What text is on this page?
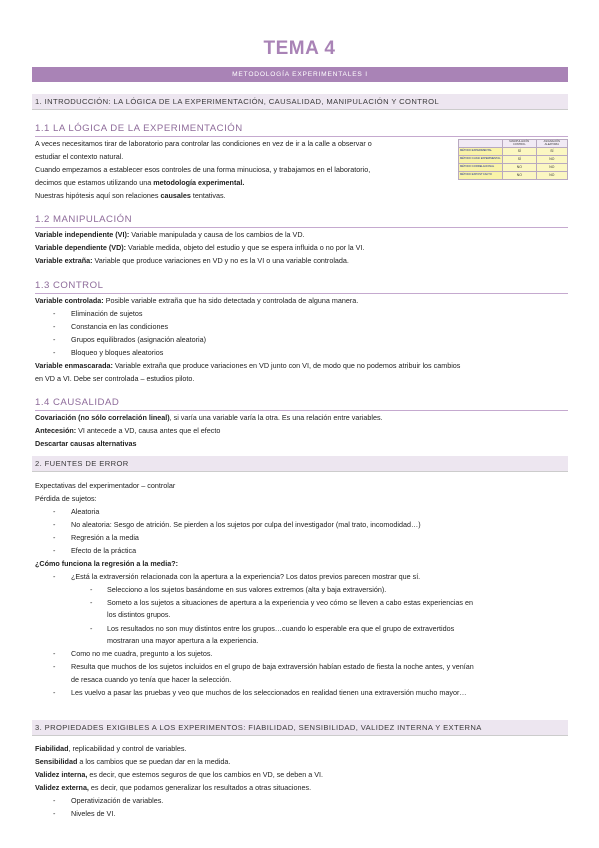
TEMA 4
METODOLOGÍA EXPERIMENTALES I
1. INTRODUCCIÓN: LA LÓGICA DE LA EXPERIMENTACIÓN, CAUSALIDAD, MANIPULACIÓN Y CONTROL
1.1 LA LÓGICA DE LA EXPERIMENTACIÓN

A veces necesitamos tirar de laboratorio para controlar las condiciones en vez de ir a la calle a observar o

estudiar el contexto natural.

Cuando empezamos a establecer esos controles de una forma minuciosa, y trabajamos en el laboratorio,

decimos que estamos utilizando una metodología experimental.

Nuestras hipótesis aquí son relaciones causales tentativas.

	MANIPULACIÓN CONTROL	ASIGNACIÓN ALEATORIA
MÉTODO EXPERIMENTAL	SÍ	SÍ
MÉTODO CUASI EXPERIMENTAL	SÍ	NO
MÉTODO CORRELACIONAL	NO	NO
MÉTODO EXPOST FACTO	NO	NO
1.2 MANIPULACIÓN

Variable independiente (VI): Variable manipulada y causa de los cambios de la VD.

Variable dependiente (VD): Variable medida, objeto del estudio y que se espera influida o no por la VI.

Variable extraña: Variable que produce variaciones en VD y no es la VI o una variable controlada.

1.3 CONTROL

Variable controlada: Posible variable extraña que ha sido detectada y controlada de alguna manera.

- Eliminación de sujetos

- Constancia en las condiciones

- Grupos equilibrados (asignación aleatoria)

- Bloqueo y bloques aleatorios

Variable enmascarada: Variable extraña que produce variaciones en VD junto con VI, de modo que no podemos atribuir los cambios

en VD a VI. Debe ser controlada – estudios piloto.

1.4 CAUSALIDAD

Covariación (no sólo correlación lineal), si varía una variable varía la otra. Es una relación entre variables.

Antecesión: VI antecede a VD, causa antes que el efecto

Descartar causas alternativas

2. FUENTES DE ERROR

Expectativas del experimentador – controlar

Pérdida de sujetos:

- Aleatoria

- No aleatoria: Sesgo de atrición. Se pierden a los sujetos por culpa del investigador (mal trato, incomodidad…)

- Regresión a la media

- Efecto de la práctica

¿Cómo funciona la regresión a la media?:

- ¿Está la extraversión relacionada con la apertura a la experiencia? Los datos previos parecen mostrar que sí.

- Selecciono a los sujetos basándome en sus valores extremos (alta y baja extraversión).

- Someto a los sujetos a situaciones de apertura a la experiencia y veo cómo se lleven a cabo estas experiencias en

los distintos grupos.

- Los resultados no son muy distintos entre los grupos…cuando lo esperable era que el grupo de extravertidos

mostraran una mayor apertura a la experiencia.

- Como no me cuadra, pregunto a los sujetos.

- Resulta que muchos de los sujetos incluidos en el grupo de baja extraversión habían estado de fiesta la noche antes, y venían

de resaca cuando yo tenía que hacer la selección.

- Les vuelvo a pasar las pruebas y veo que muchos de los seleccionados en realidad tienen una extraversión mucho mayor…

3. PROPIEDADES EXIGIBLES A LOS EXPERIMENTOS: FIABILIDAD, SENSIBILIDAD, VALIDEZ INTERNA Y EXTERNA

Fiabilidad, replicabilidad y control de variables.

Sensibilidad a los cambios que se puedan dar en la medida.

Validez interna, es decir, que estemos seguros de que los cambios en VD, se deben a VI.

Validez externa, es decir, que podamos generalizar los resultados a otras situaciones.

- Operativización de variables.

- Niveles de VI.
